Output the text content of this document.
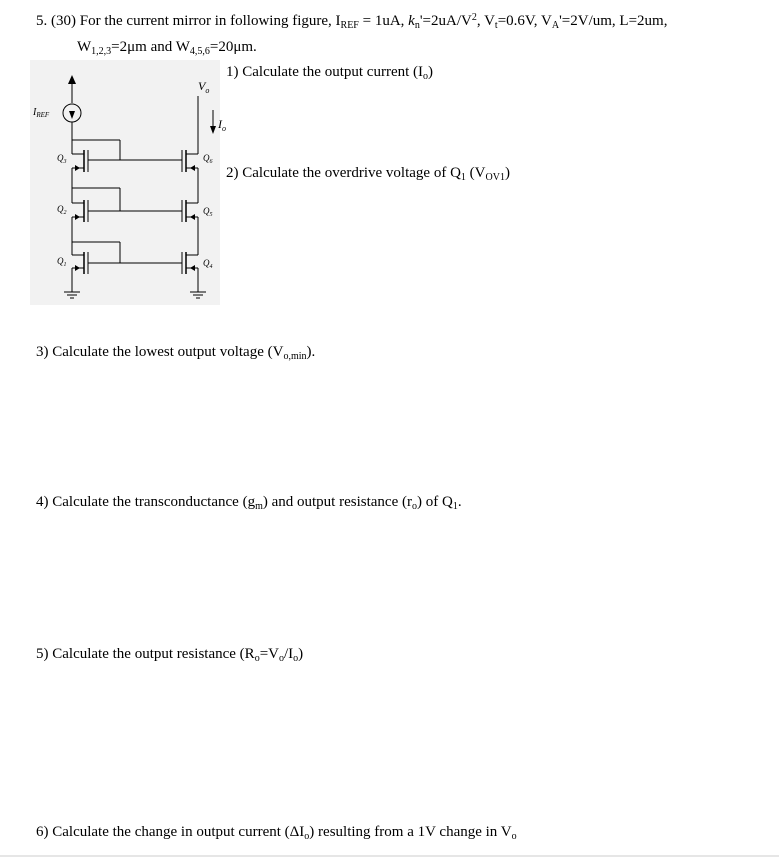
5. (30) For the current mirror in following figure, $I_{REF} = 1uA$, $k_n'=2uA/V^2$, $V_t=0.6V$, $V_A'=2V/um$, L=2um,
$W_{1,2,3}=2\mu m$ and $W_{4,5,6}=20\mu m$.
1) Calculate the output current $(I_o)$
2) Calculate the overdrive voltage of $Q_1$ $(V_{OV1})$
3) Calculate the lowest output voltage $(V_{o,min})$.
4) Calculate the transconductance $(g_m)$ and output resistance $(r_o)$ of $Q_1$.
5) Calculate the output resistance $(R_o=V_o/I_o)$
6) Calculate the change in output current $(\Delta I_o)$ resulting from a 1V change in $V_o$
$I_{REF}$
$V_o$
$I_o$
$Q_3$
$Q_2$
$Q_1$
$Q_6$
$Q_5$
$Q_4$
